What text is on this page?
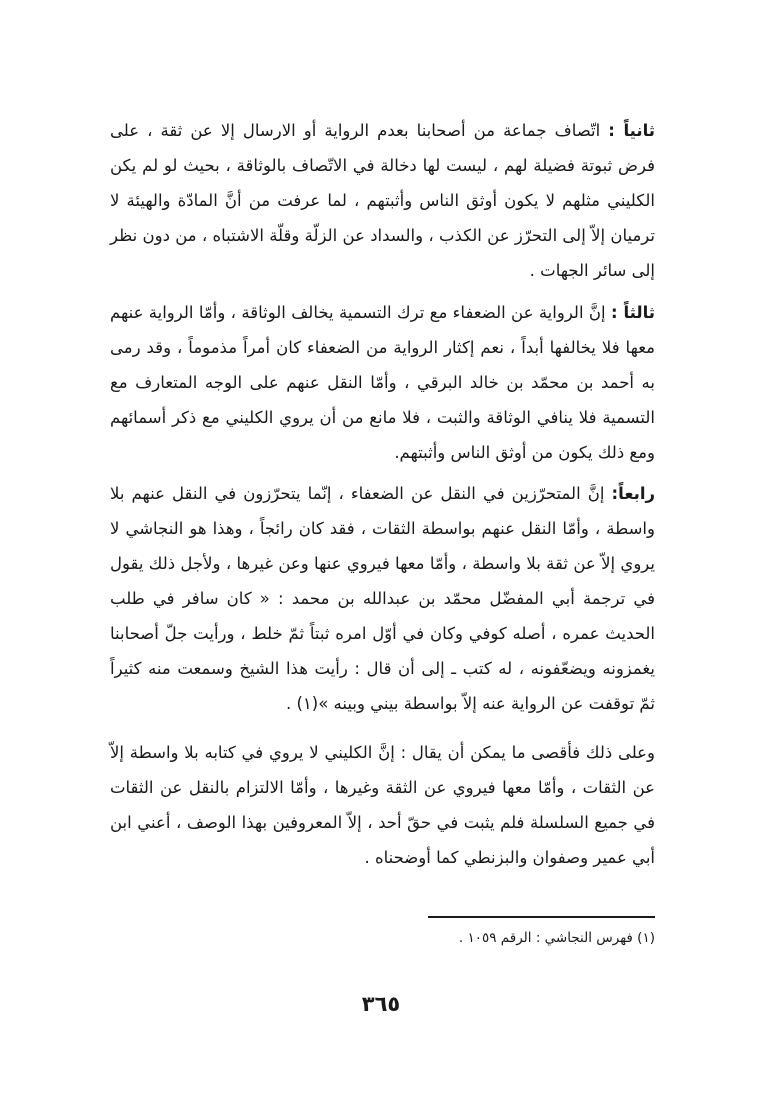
ثانياً : اتّصاف جماعة من أصحابنا بعدم الرواية أو الارسال إلا عن ثقة ، على فرض ثبوتة فضيلة لهم ، ليست لها دخالة في الاتّصاف بالوثاقة ، بحيث لو لم يكن الكليني مثلهم لا يكون أوثق الناس وأثبتهم ، لما عرفت من أنَّ المادّة والهيئة لا ترميان إلاّ إلى التحرّز عن الكذب ، والسداد عن الزلّة وقلّة الاشتباه ، من دون نظر إلى سائر الجهات .

ثالثاً : إنَّ الرواية عن الضعفاء مع ترك التسمية يخالف الوثاقة ، وأمّا الرواية عنهم معها فلا يخالفها أبداً ، نعم إكثار الرواية من الضعفاء كان أمراً مذموماً ، وقد رمى به أحمد بن محمّد بن خالد البرقي ، وأمّا النقل عنهم على الوجه المتعارف مع التسمية فلا ينافي الوثاقة والثبت ، فلا مانع من أن يروي الكليني مع ذكر أسمائهم ومع ذلك يكون من أوثق الناس وأثبتهم.

رابعاً: إنَّ المتحرّزين في النقل عن الضعفاء ، إنّما يتحرّزون في النقل عنهم بلا واسطة ، وأمّا النقل عنهم بواسطة الثقات ، فقد كان رائجاً ، وهذا هو النجاشي لا يروي إلاّ عن ثقة بلا واسطة ، وأمّا معها فيروي عنها وعن غيرها ، ولأجل ذلك يقول في ترجمة أبي المفضّل محمّد بن عبدالله بن محمد : « كان سافر في طلب الحديث عمره ، أصله كوفي وكان في أوّل امره ثبتاً ثمّ خلط ، ورأيت جلّ أصحابنا يغمزونه ويضعّفونه ، له كتب ـ إلى أن قال : رأيت هذا الشيخ وسمعت منه كثيراً ثمّ توقفت عن الرواية عنه إلاّ بواسطة بيني وبينه »(١) .

وعلى ذلك فأقصى ما يمكن أن يقال : إنَّ الكليني لا يروي في كتابه بلا واسطة إلاّ عن الثقات ، وأمّا معها فيروي عن الثقة وغيرها ، وأمّا الالتزام بالنقل عن الثقات في جميع السلسلة فلم يثبت في حقّ أحد ، إلاّ المعروفين بهذا الوصف ، أعني ابن أبي عمير وصفوان والبزنطي كما أوضحناه .

(١) فهرس النجاشي : الرقم ١٠٥٩ .

٣٦٥
